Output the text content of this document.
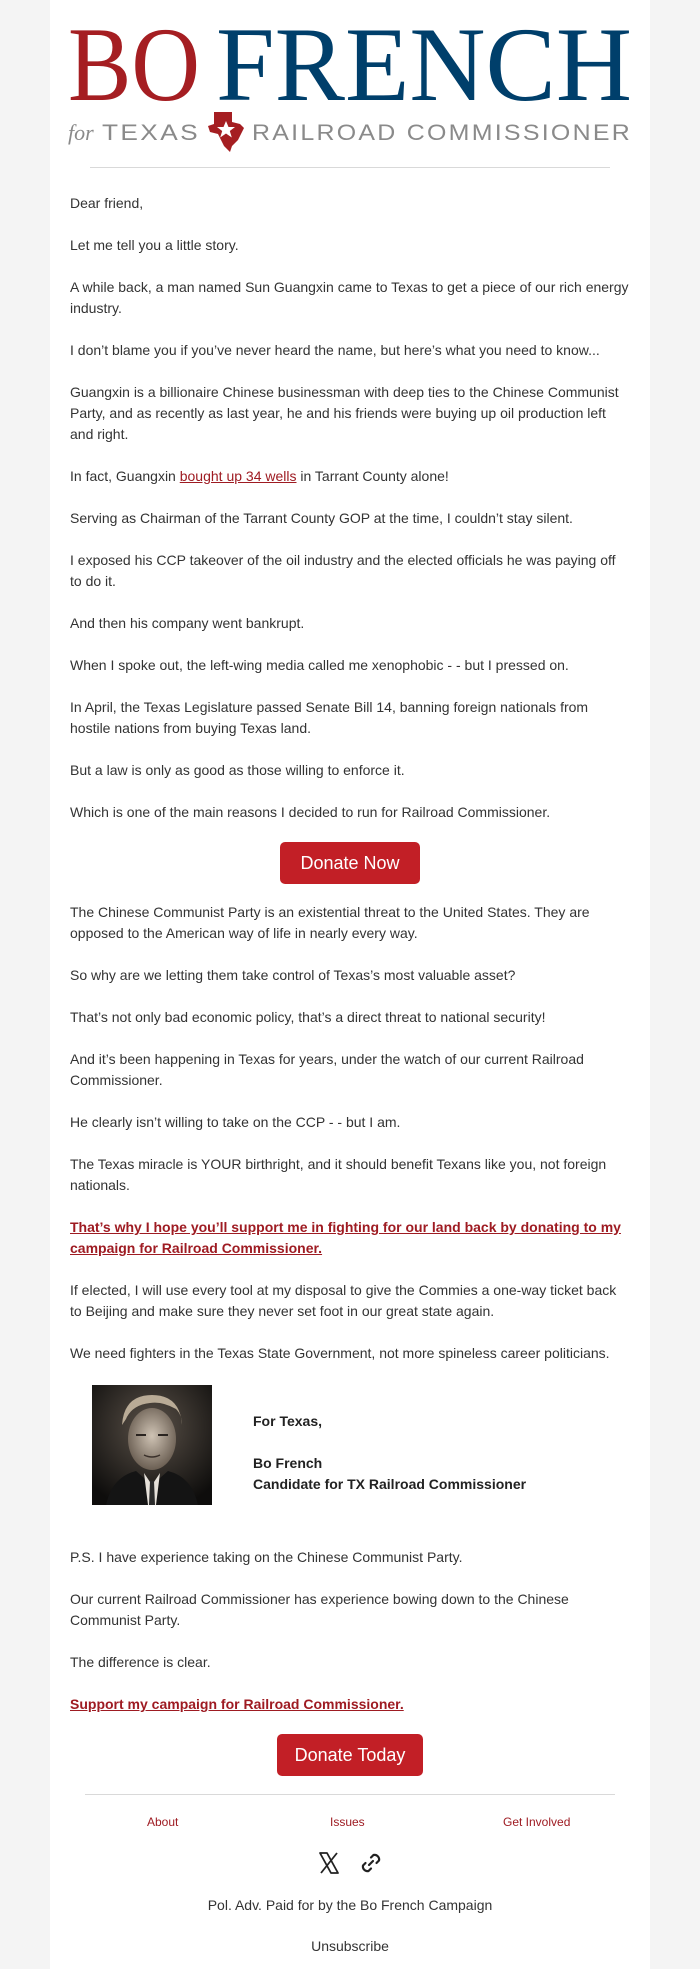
BO FRENCH
for TEXAS RAILROAD COMMISSIONER

Dear friend,

Let me tell you a little story.

A while back, a man named Sun Guangxin came to Texas to get a piece of our rich energy industry.

I don’t blame you if you’ve never heard the name, but here’s what you need to know...

Guangxin is a billionaire Chinese businessman with deep ties to the Chinese Communist Party, and as recently as last year, he and his friends were buying up oil production left and right.

In fact, Guangxin bought up 34 wells in Tarrant County alone!

Serving as Chairman of the Tarrant County GOP at the time, I couldn’t stay silent.

I exposed his CCP takeover of the oil industry and the elected officials he was paying off to do it.

And then his company went bankrupt.

When I spoke out, the left-wing media called me xenophobic - - but I pressed on.

In April, the Texas Legislature passed Senate Bill 14, banning foreign nationals from hostile nations from buying Texas land.

But a law is only as good as those willing to enforce it.

Which is one of the main reasons I decided to run for Railroad Commissioner.

Donate Now

The Chinese Communist Party is an existential threat to the United States. They are opposed to the American way of life in nearly every way.

So why are we letting them take control of Texas’s most valuable asset?

That’s not only bad economic policy, that’s a direct threat to national security!

And it’s been happening in Texas for years, under the watch of our current Railroad Commissioner.

He clearly isn’t willing to take on the CCP - - but I am.

The Texas miracle is YOUR birthright, and it should benefit Texans like you, not foreign nationals.

That’s why I hope you’ll support me in fighting for our land back by donating to my campaign for Railroad Commissioner.

If elected, I will use every tool at my disposal to give the Commies a one-way ticket back to Beijing and make sure they never set foot in our great state again.

We need fighters in the Texas State Government, not more spineless career politicians.

For Texas,
Bo French
Candidate for TX Railroad Commissioner

P.S. I have experience taking on the Chinese Communist Party.

Our current Railroad Commissioner has experience bowing down to the Chinese Communist Party.

The difference is clear.

Support my campaign for Railroad Commissioner.

Donate Today
About	Issues	Get Involved
Pol. Adv. Paid for by the Bo French Campaign
Unsubscribe
